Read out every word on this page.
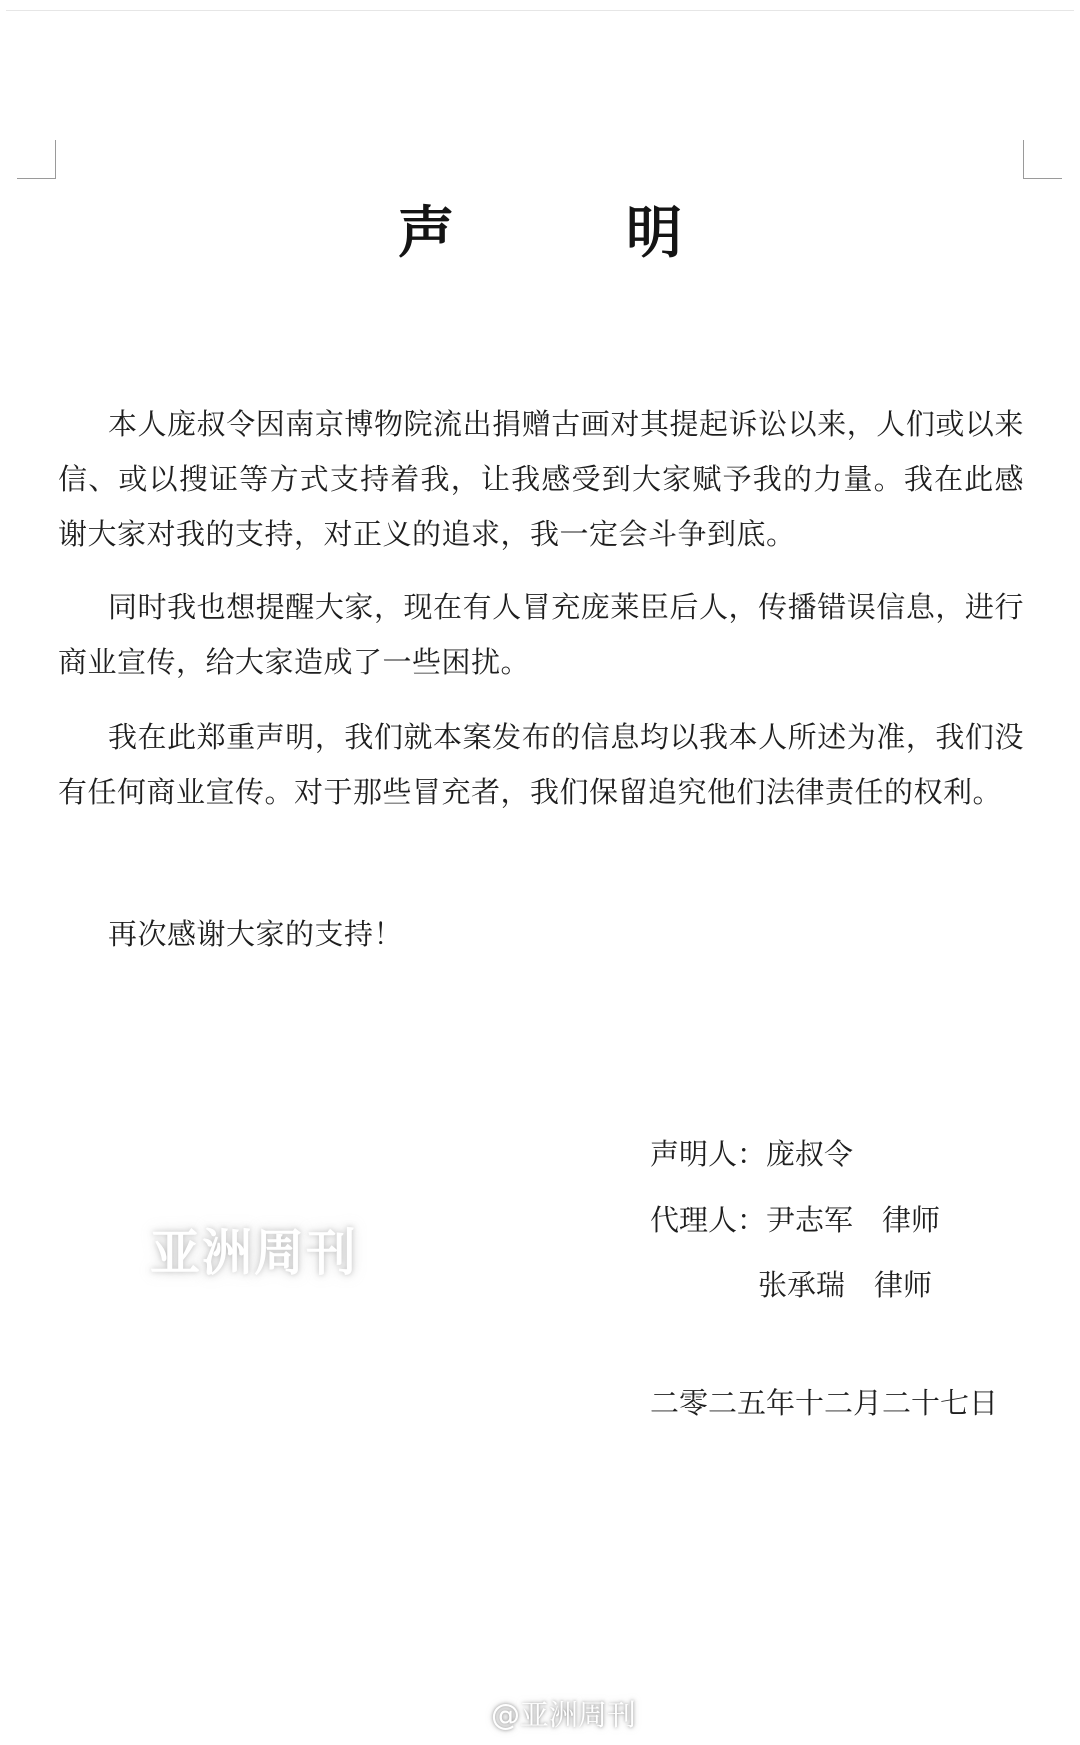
声　明

本人庞叔令因南京博物院流出捐赠古画对其提起诉讼以来，人们或以来信、或以搜证等方式支持着我，让我感受到大家赋予我的力量。我在此感谢大家对我的支持，对正义的追求，我一定会斗争到底。

同时我也想提醒大家，现在有人冒充庞莱臣后人，传播错误信息，进行商业宣传，给大家造成了一些困扰。

我在此郑重声明，我们就本案发布的信息均以我本人所述为准，我们没有任何商业宣传。对于那些冒充者，我们保留追究他们法律责任的权利。

再次感谢大家的支持！

声明人：庞叔令

代理人：尹志军　律师

张承瑞　律师

二零二五年十二月二十七日

亚洲周刊
@亚洲周刊
